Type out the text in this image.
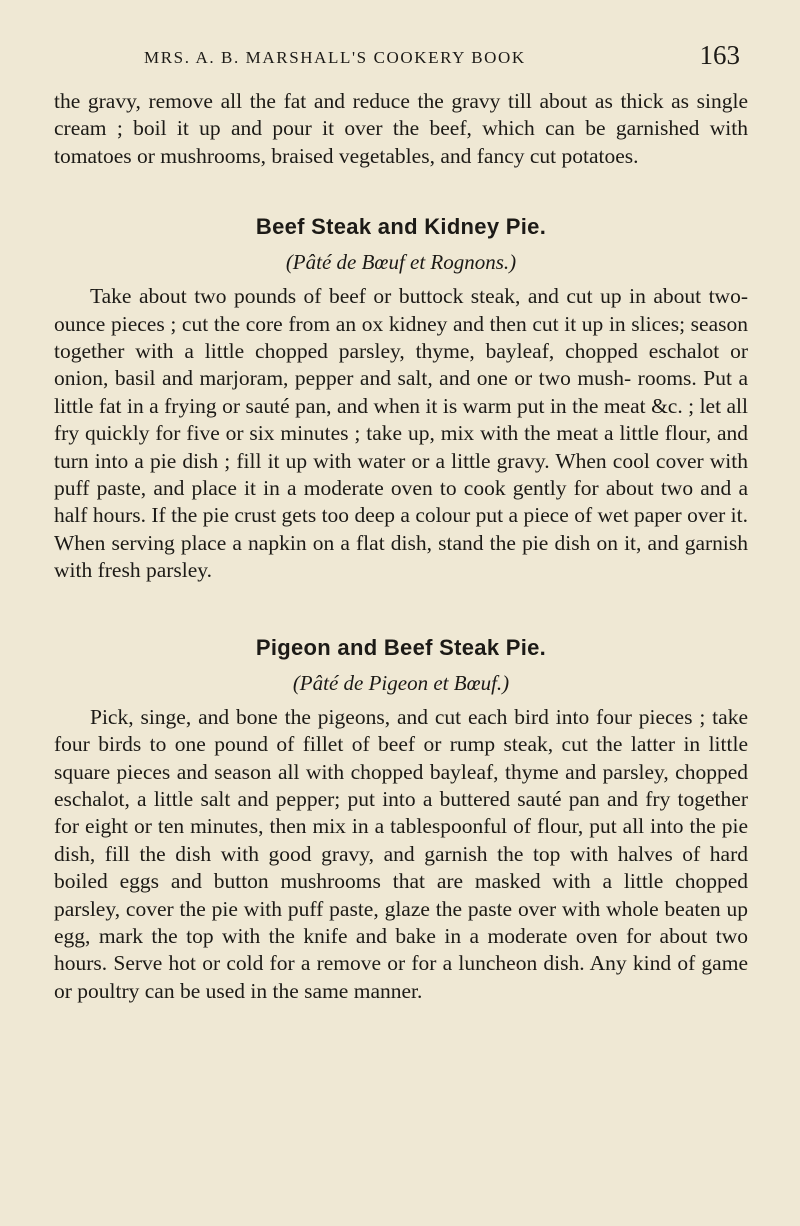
MRS. A. B. MARSHALL'S COOKERY BOOK	163

the gravy, remove all the fat and reduce the gravy till about as thick as single cream ; boil it up and pour it over the beef, which can be garnished with tomatoes or mushrooms, braised vegetables, and fancy cut potatoes.

Beef Steak and Kidney Pie.
(Pâté de Bœuf et Rognons.)

Take about two pounds of beef or buttock steak, and cut up in about two-ounce pieces ; cut the core from an ox kidney and then cut it up in slices; season together with a little chopped parsley, thyme, bayleaf, chopped eschalot or onion, basil and marjoram, pepper and salt, and one or two mush- rooms. Put a little fat in a frying or sauté pan, and when it is warm put in the meat &c. ; let all fry quickly for five or six minutes ; take up, mix with the meat a little flour, and turn into a pie dish ; fill it up with water or a little gravy. When cool cover with puff paste, and place it in a moderate oven to cook gently for about two and a half hours. If the pie crust gets too deep a colour put a piece of wet paper over it. When serving place a napkin on a flat dish, stand the pie dish on it, and garnish with fresh parsley.

Pigeon and Beef Steak Pie.
(Pâté de Pigeon et Bœuf.)

Pick, singe, and bone the pigeons, and cut each bird into four pieces ; take four birds to one pound of fillet of beef or rump steak, cut the latter in little square pieces and season all with chopped bayleaf, thyme and parsley, chopped eschalot, a little salt and pepper; put into a buttered sauté pan and fry together for eight or ten minutes, then mix in a tablespoonful of flour, put all into the pie dish, fill the dish with good gravy, and garnish the top with halves of hard boiled eggs and button mushrooms that are masked with a little chopped parsley, cover the pie with puff paste, glaze the paste over with whole beaten up egg, mark the top with the knife and bake in a moderate oven for about two hours. Serve hot or cold for a remove or for a luncheon dish. Any kind of game or poultry can be used in the same manner.
